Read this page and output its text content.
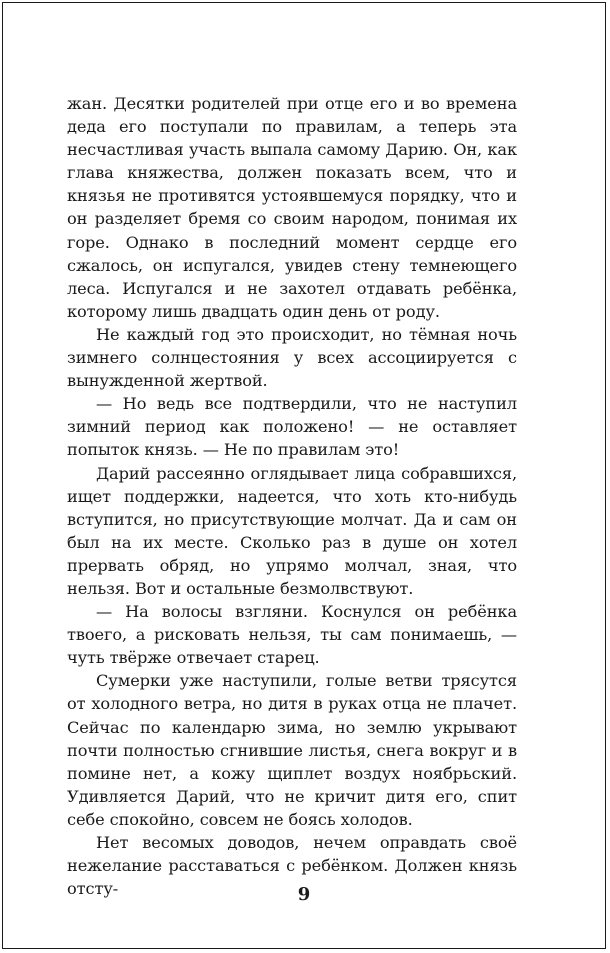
жан. Десятки родителей при отце его и во времена деда его поступали по правилам, а теперь эта несчастливая участь выпала самому Дарию. Он, как глава княжества, должен показать всем, что и князья не противятся устоявшемуся порядку, что и он разделяет бремя со своим народом, понимая их горе. Однако в последний момент сердце его сжалось, он испугался, увидев стену темнеющего леса. Испугался и не захотел отдавать ребёнка, которому лишь двадцать один день от роду.

Не каждый год это происходит, но тёмная ночь зимнего солнцестояния у всех ассоциируется с вынужденной жертвой.

— Но ведь все подтвердили, что не наступил зимний период как положено! — не оставляет попыток князь. — Не по правилам это!

Дарий рассеянно оглядывает лица собравшихся, ищет поддержки, надеется, что хоть кто-нибудь вступится, но присутствующие молчат. Да и сам он был на их месте. Сколько раз в душе он хотел прервать обряд, но упрямо молчал, зная, что нельзя. Вот и остальные безмолвствуют.

— На волосы взгляни. Коснулся он ребёнка твоего, а рисковать нельзя, ты сам понимаешь, — чуть твёрже отвечает старец.

Сумерки уже наступили, голые ветви трясутся от холодного ветра, но дитя в руках отца не плачет. Сейчас по календарю зима, но землю укрывают почти полностью сгнившие листья, снега вокруг и в помине нет, а кожу щиплет воздух ноябрьский. Удивляется Дарий, что не кричит дитя его, спит себе спокойно, совсем не боясь холодов.

Нет весомых доводов, нечем оправдать своё нежелание расставаться с ребёнком. Должен князь отсту-	9
